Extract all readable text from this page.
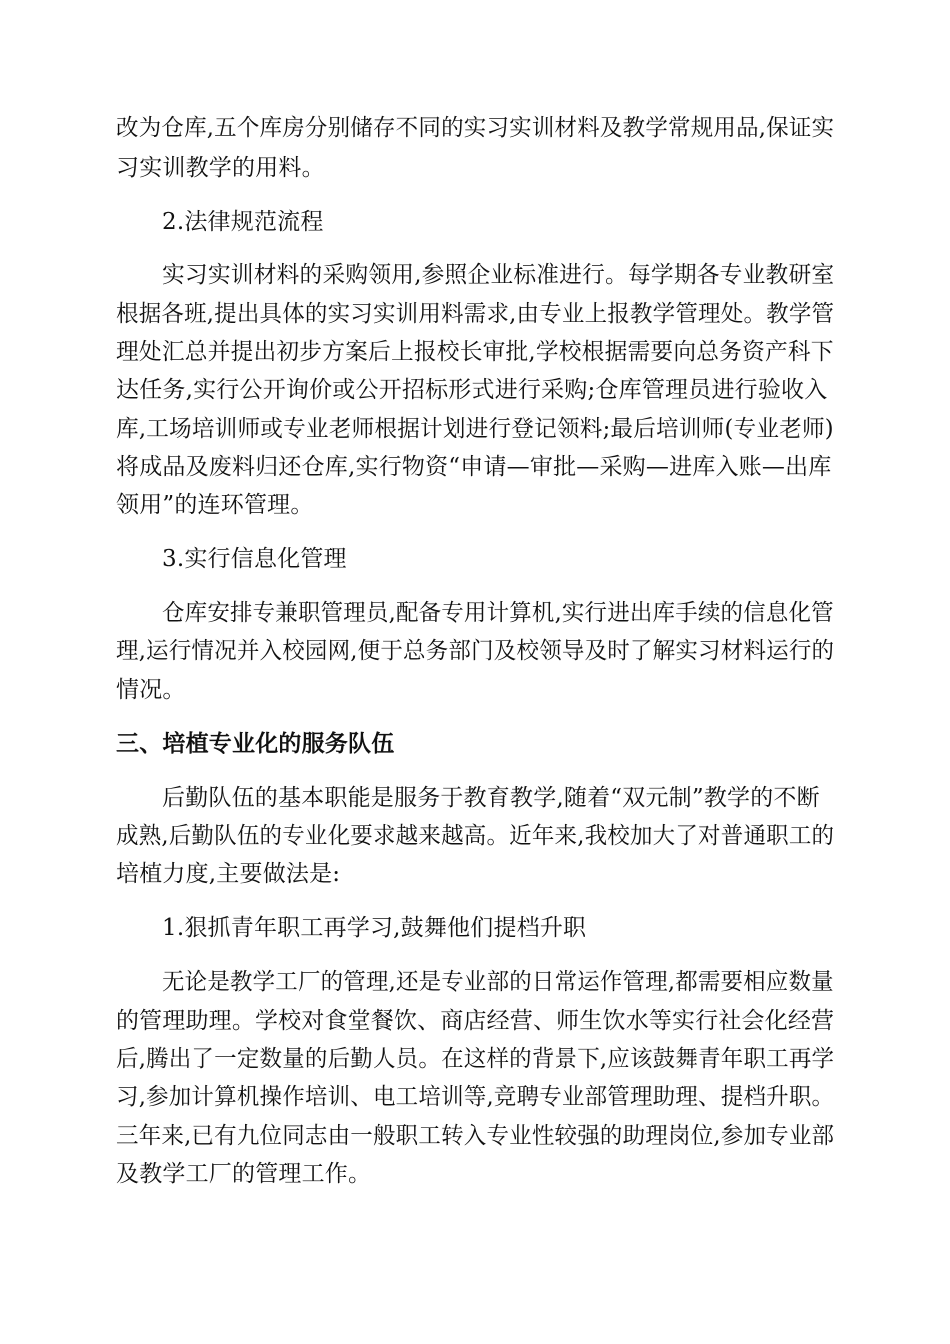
改为仓库,五个库房分别储存不同的实习实训材料及教学常规用品,保证实
习实训教学的用料。
2.法律规范流程
实习实训材料的采购领用,参照企业标准进行。每学期各专业教研室
根据各班,提出具体的实习实训用料需求,由专业上报教学管理处。教学管
理处汇总并提出初步方案后上报校长审批,学校根据需要向总务资产科下
达任务,实行公开询价或公开招标形式进行采购;仓库管理员进行验收入
库,工场培训师或专业老师根据计划进行登记领料;最后培训师(专业老师)
将成品及废料归还仓库,实行物资“申请—审批—采购—进库入账—出库
领用”的连环管理。
3.实行信息化管理
仓库安排专兼职管理员,配备专用计算机,实行进出库手续的信息化管
理,运行情况并入校园网,便于总务部门及校领导及时了解实习材料运行的
情况。
三、培植专业化的服务队伍
后勤队伍的基本职能是服务于教育教学,随着“双元制”教学的不断
成熟,后勤队伍的专业化要求越来越高。近年来,我校加大了对普通职工的
培植力度,主要做法是:
1.狠抓青年职工再学习,鼓舞他们提档升职
无论是教学工厂的管理,还是专业部的日常运作管理,都需要相应数量
的管理助理。学校对食堂餐饮、商店经营、师生饮水等实行社会化经营
后,腾出了一定数量的后勤人员。在这样的背景下,应该鼓舞青年职工再学
习,参加计算机操作培训、电工培训等,竞聘专业部管理助理、提档升职。
三年来,已有九位同志由一般职工转入专业性较强的助理岗位,参加专业部
及教学工厂的管理工作。
